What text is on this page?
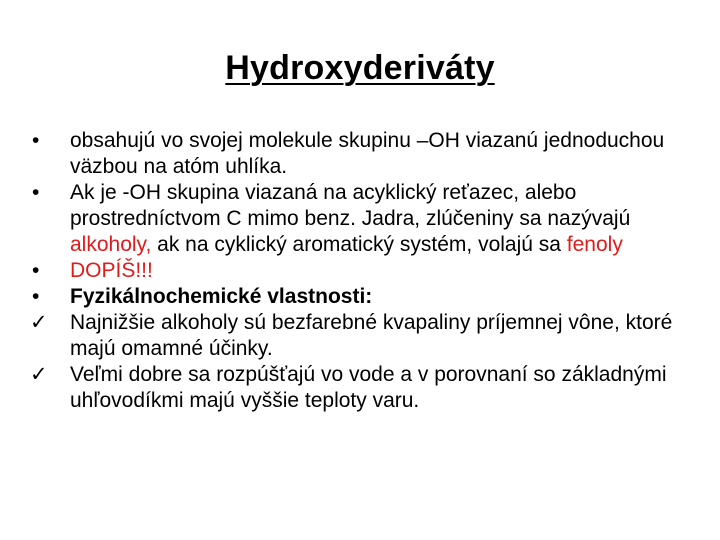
Hydroxyderiváty
•	obsahujú vo svojej molekule skupinu –OH viazanú jednoduchou väzbou na atóm uhlíka.
•	Ak je -OH skupina viazaná na acyklický reťazec, alebo prostredníctvom C mimo benz. Jadra, zlúčeniny sa nazývajú alkoholy, ak na cyklický aromatický systém, volajú sa fenoly
•	DOPÍŠ!!!
•	Fyzikálnochemické vlastnosti:
✓	Najnižšie alkoholy sú bezfarebné kvapaliny príjemnej vône, ktoré majú omamné účinky.
✓	Veľmi dobre sa rozpúšťajú vo vode a v porovnaní so základnými uhľovodíkmi majú vyššie teploty varu.
